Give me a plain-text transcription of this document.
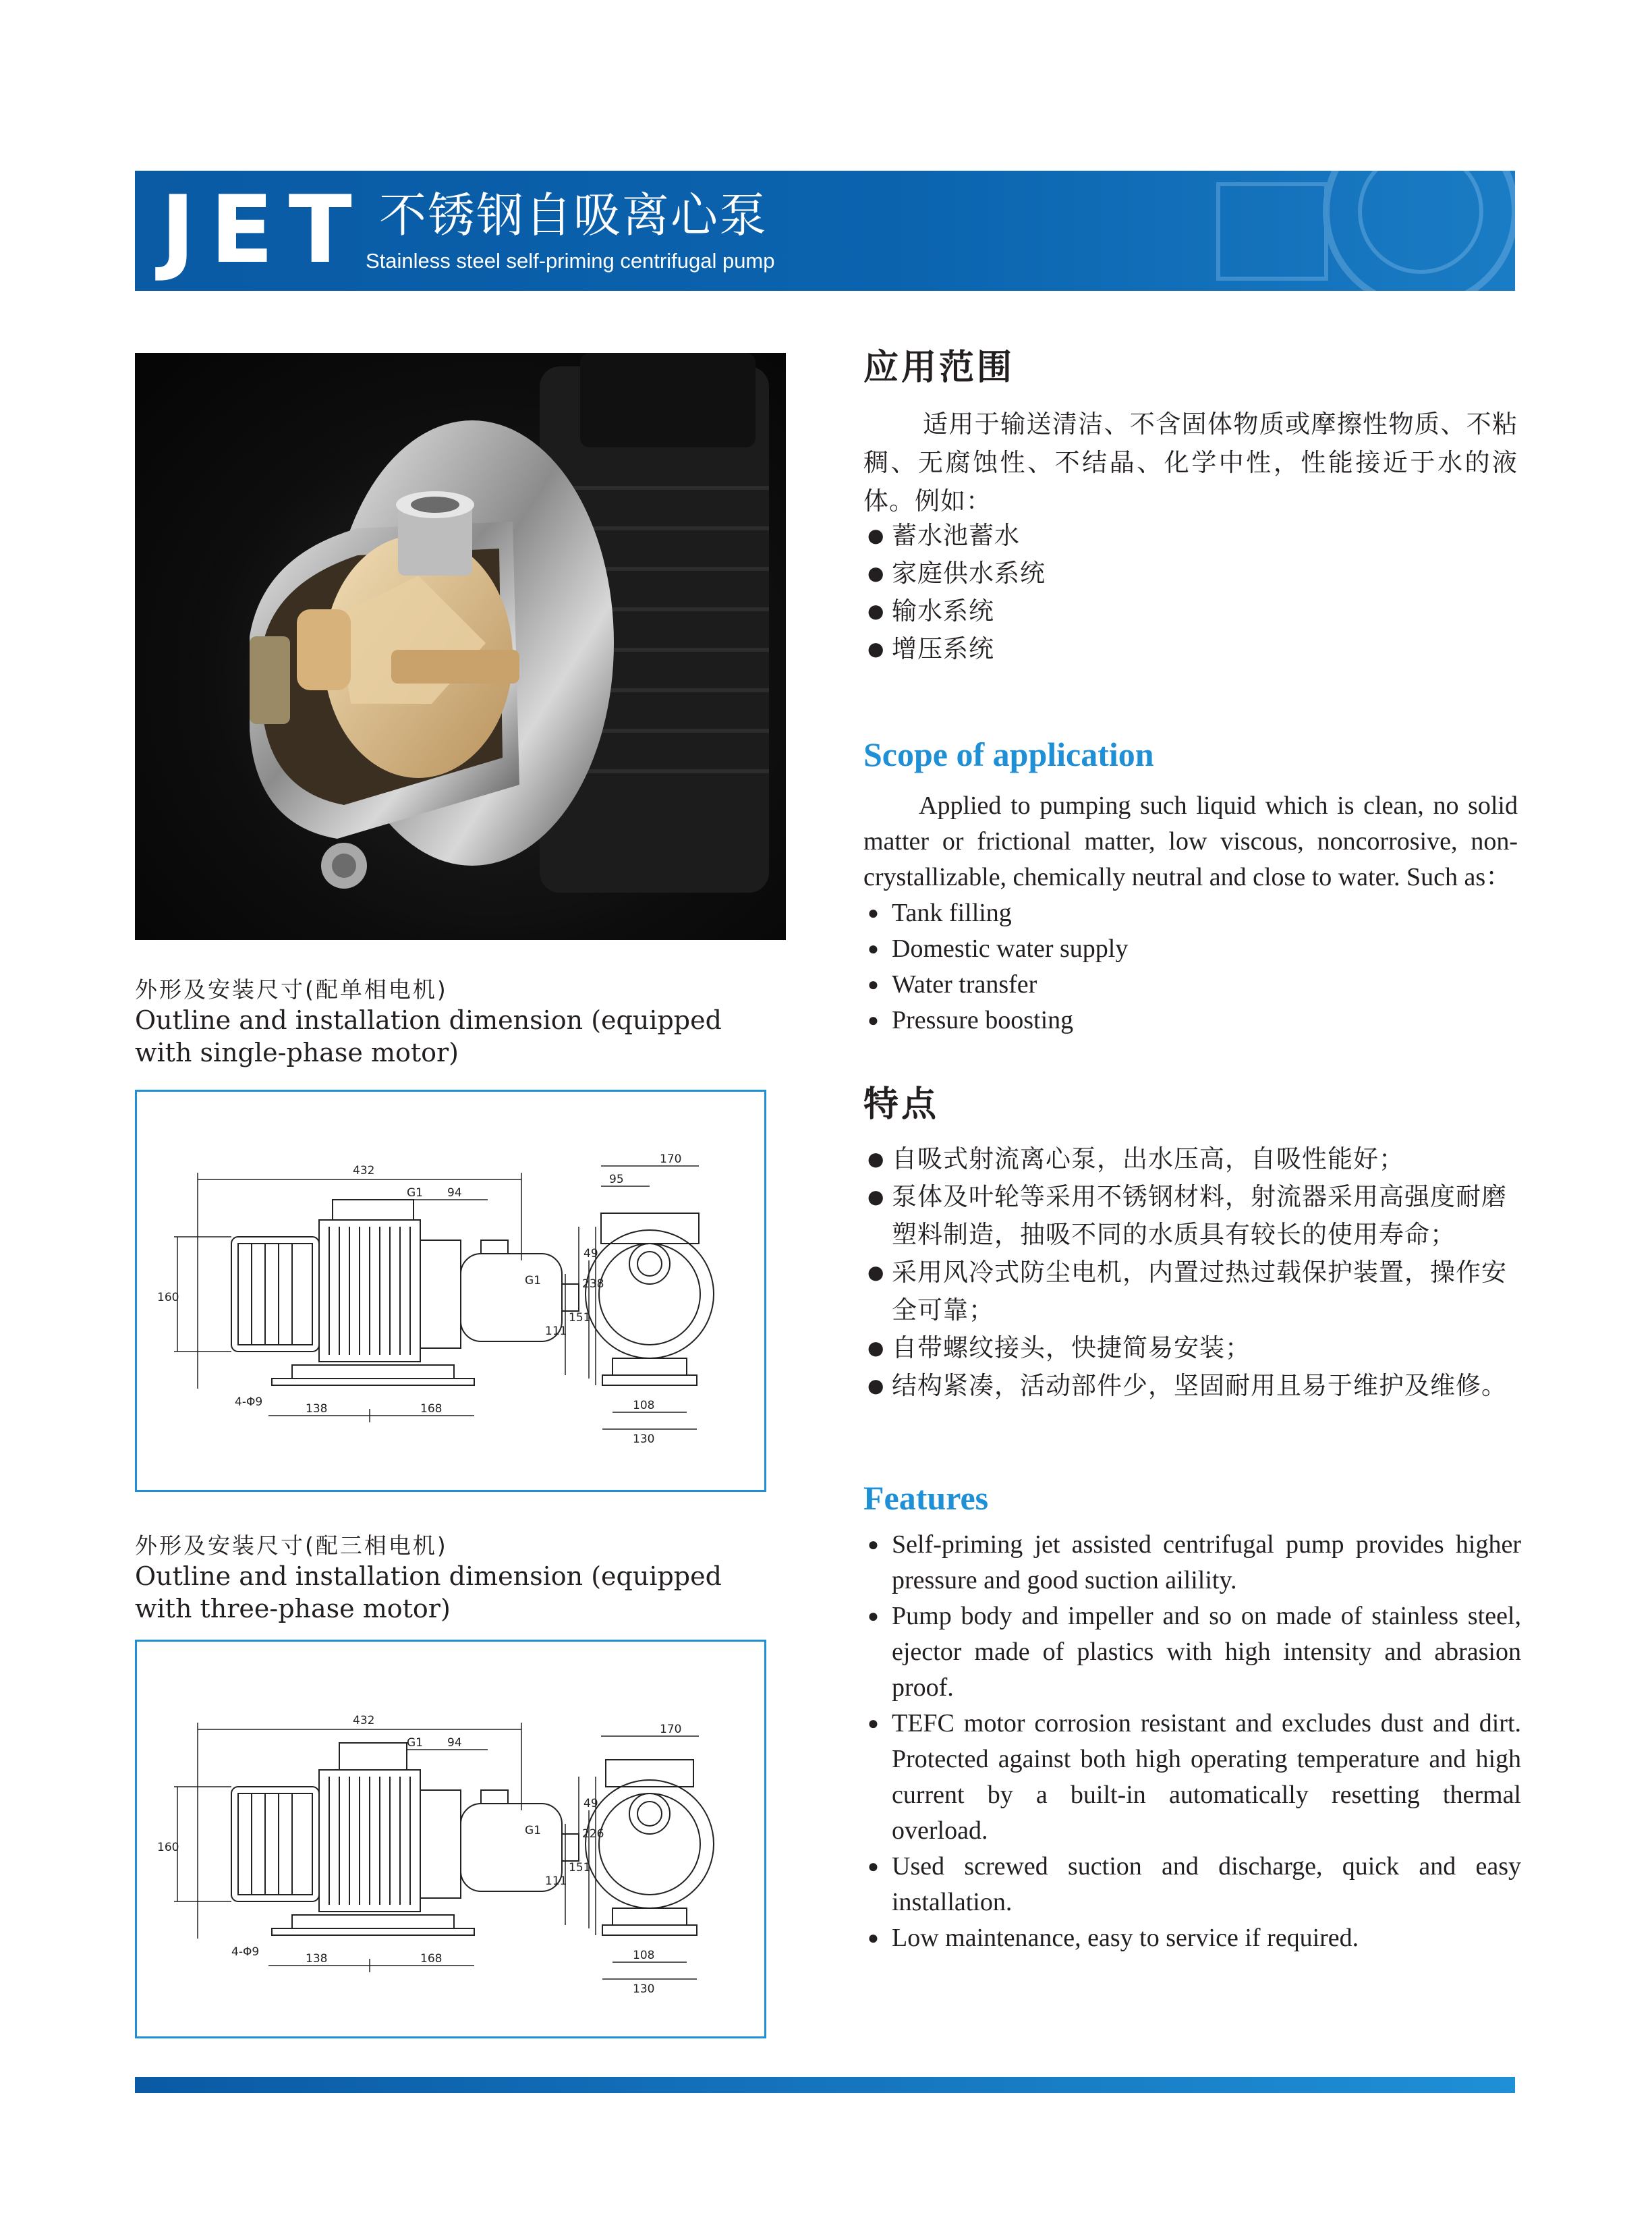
JET 不锈钢自吸离心泵
Stainless steel self-priming centrifugal pump
外形及安装尺寸(配单相电机)
Outline and installation dimension (equipped with single-phase motor)
432
G1 94
49
G1
160
111
151
4-Φ9	138	168
170
95
238
108
130
外形及安装尺寸(配三相电机)
Outline and installation dimension (equipped with three-phase motor)
432
G1 94
49
G1
160
111
151
4-Φ9	138	168
170
226
108
130
应用范围
适用于输送清洁、不含固体物质或摩擦性物质、不粘稠、无腐蚀性、不结晶、化学中性，性能接近于水的液体。例如：
● 蓄水池蓄水
● 家庭供水系统
● 输水系统
● 增压系统
Scope of application
Applied to pumping such liquid which is clean, no solid matter or frictional matter, low viscous, noncorrosive, non-crystallizable, chemically neutral and close to water. Such as：
● Tank filling
● Domestic water supply
● Water transfer
● Pressure boosting
特点
● 自吸式射流离心泵，出水压高，自吸性能好；
● 泵体及叶轮等采用不锈钢材料，射流器采用高强度耐磨塑料制造，抽吸不同的水质具有较长的使用寿命；
● 采用风冷式防尘电机，内置过热过载保护装置，操作安全可靠；
● 自带螺纹接头，快捷简易安装；
● 结构紧凑，活动部件少，坚固耐用且易于维护及维修。
Features
● Self-priming jet assisted centrifugal pump provides higher pressure and good suction ailility.
● Pump body and impeller and so on made of stainless steel, ejector made of plastics with high intensity and abrasion proof.
● TEFC motor corrosion resistant and excludes dust and dirt. Protected against both high operating temperature and high current by a built-in automatically resetting thermal overload.
● Used screwed suction and discharge, quick and easy installation.
● Low maintenance, easy to service if required.
